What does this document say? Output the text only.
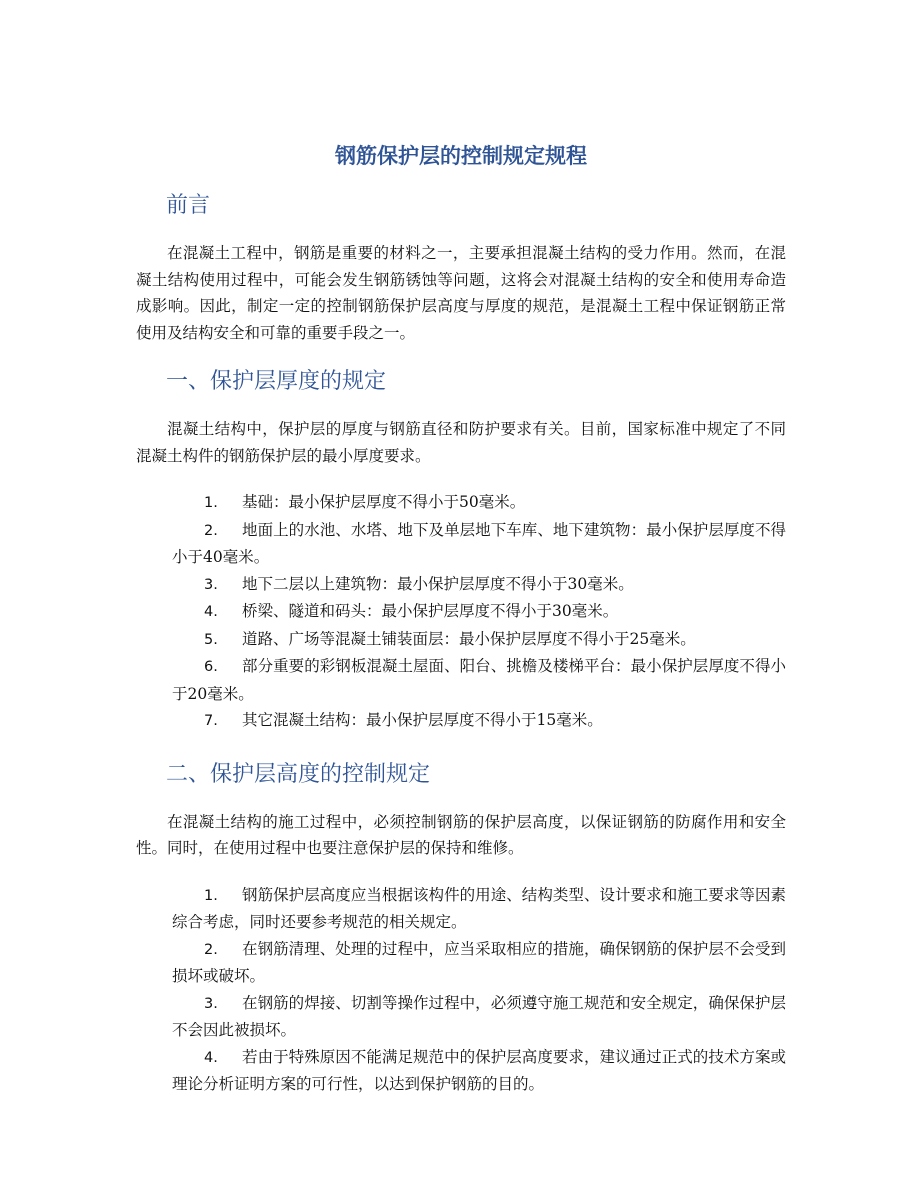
钢筋保护层的控制规定规程
前言

在混凝土工程中，钢筋是重要的材料之一，主要承担混凝土结构的受力作用。然而，在混凝土结构使用过程中，可能会发生钢筋锈蚀等问题，这将会对混凝土结构的安全和使用寿命造成影响。因此，制定一定的控制钢筋保护层高度与厚度的规范，是混凝土工程中保证钢筋正常使用及结构安全和可靠的重要手段之一。

一、保护层厚度的规定

混凝土结构中，保护层的厚度与钢筋直径和防护要求有关。目前，国家标准中规定了不同混凝土构件的钢筋保护层的最小厚度要求。

1. 基础：最小保护层厚度不得小于50毫米。
2. 地面上的水池、水塔、地下及单层地下车库、地下建筑物：最小保护层厚度不得小于40毫米。
3. 地下二层以上建筑物：最小保护层厚度不得小于30毫米。
4. 桥梁、隧道和码头：最小保护层厚度不得小于30毫米。
5. 道路、广场等混凝土铺装面层：最小保护层厚度不得小于25毫米。
6. 部分重要的彩钢板混凝土屋面、阳台、挑檐及楼梯平台：最小保护层厚度不得小于20毫米。
7. 其它混凝土结构：最小保护层厚度不得小于15毫米。
二、保护层高度的控制规定

在混凝土结构的施工过程中，必须控制钢筋的保护层高度，以保证钢筋的防腐作用和安全性。同时，在使用过程中也要注意保护层的保持和维修。

1. 钢筋保护层高度应当根据该构件的用途、结构类型、设计要求和施工要求等因素综合考虑，同时还要参考规范的相关规定。
2. 在钢筋清理、处理的过程中，应当采取相应的措施，确保钢筋的保护层不会受到损坏或破坏。
3. 在钢筋的焊接、切割等操作过程中，必须遵守施工规范和安全规定，确保保护层不会因此被损坏。
4. 若由于特殊原因不能满足规范中的保护层高度要求，建议通过正式的技术方案或理论分析证明方案的可行性，以达到保护钢筋的目的。
